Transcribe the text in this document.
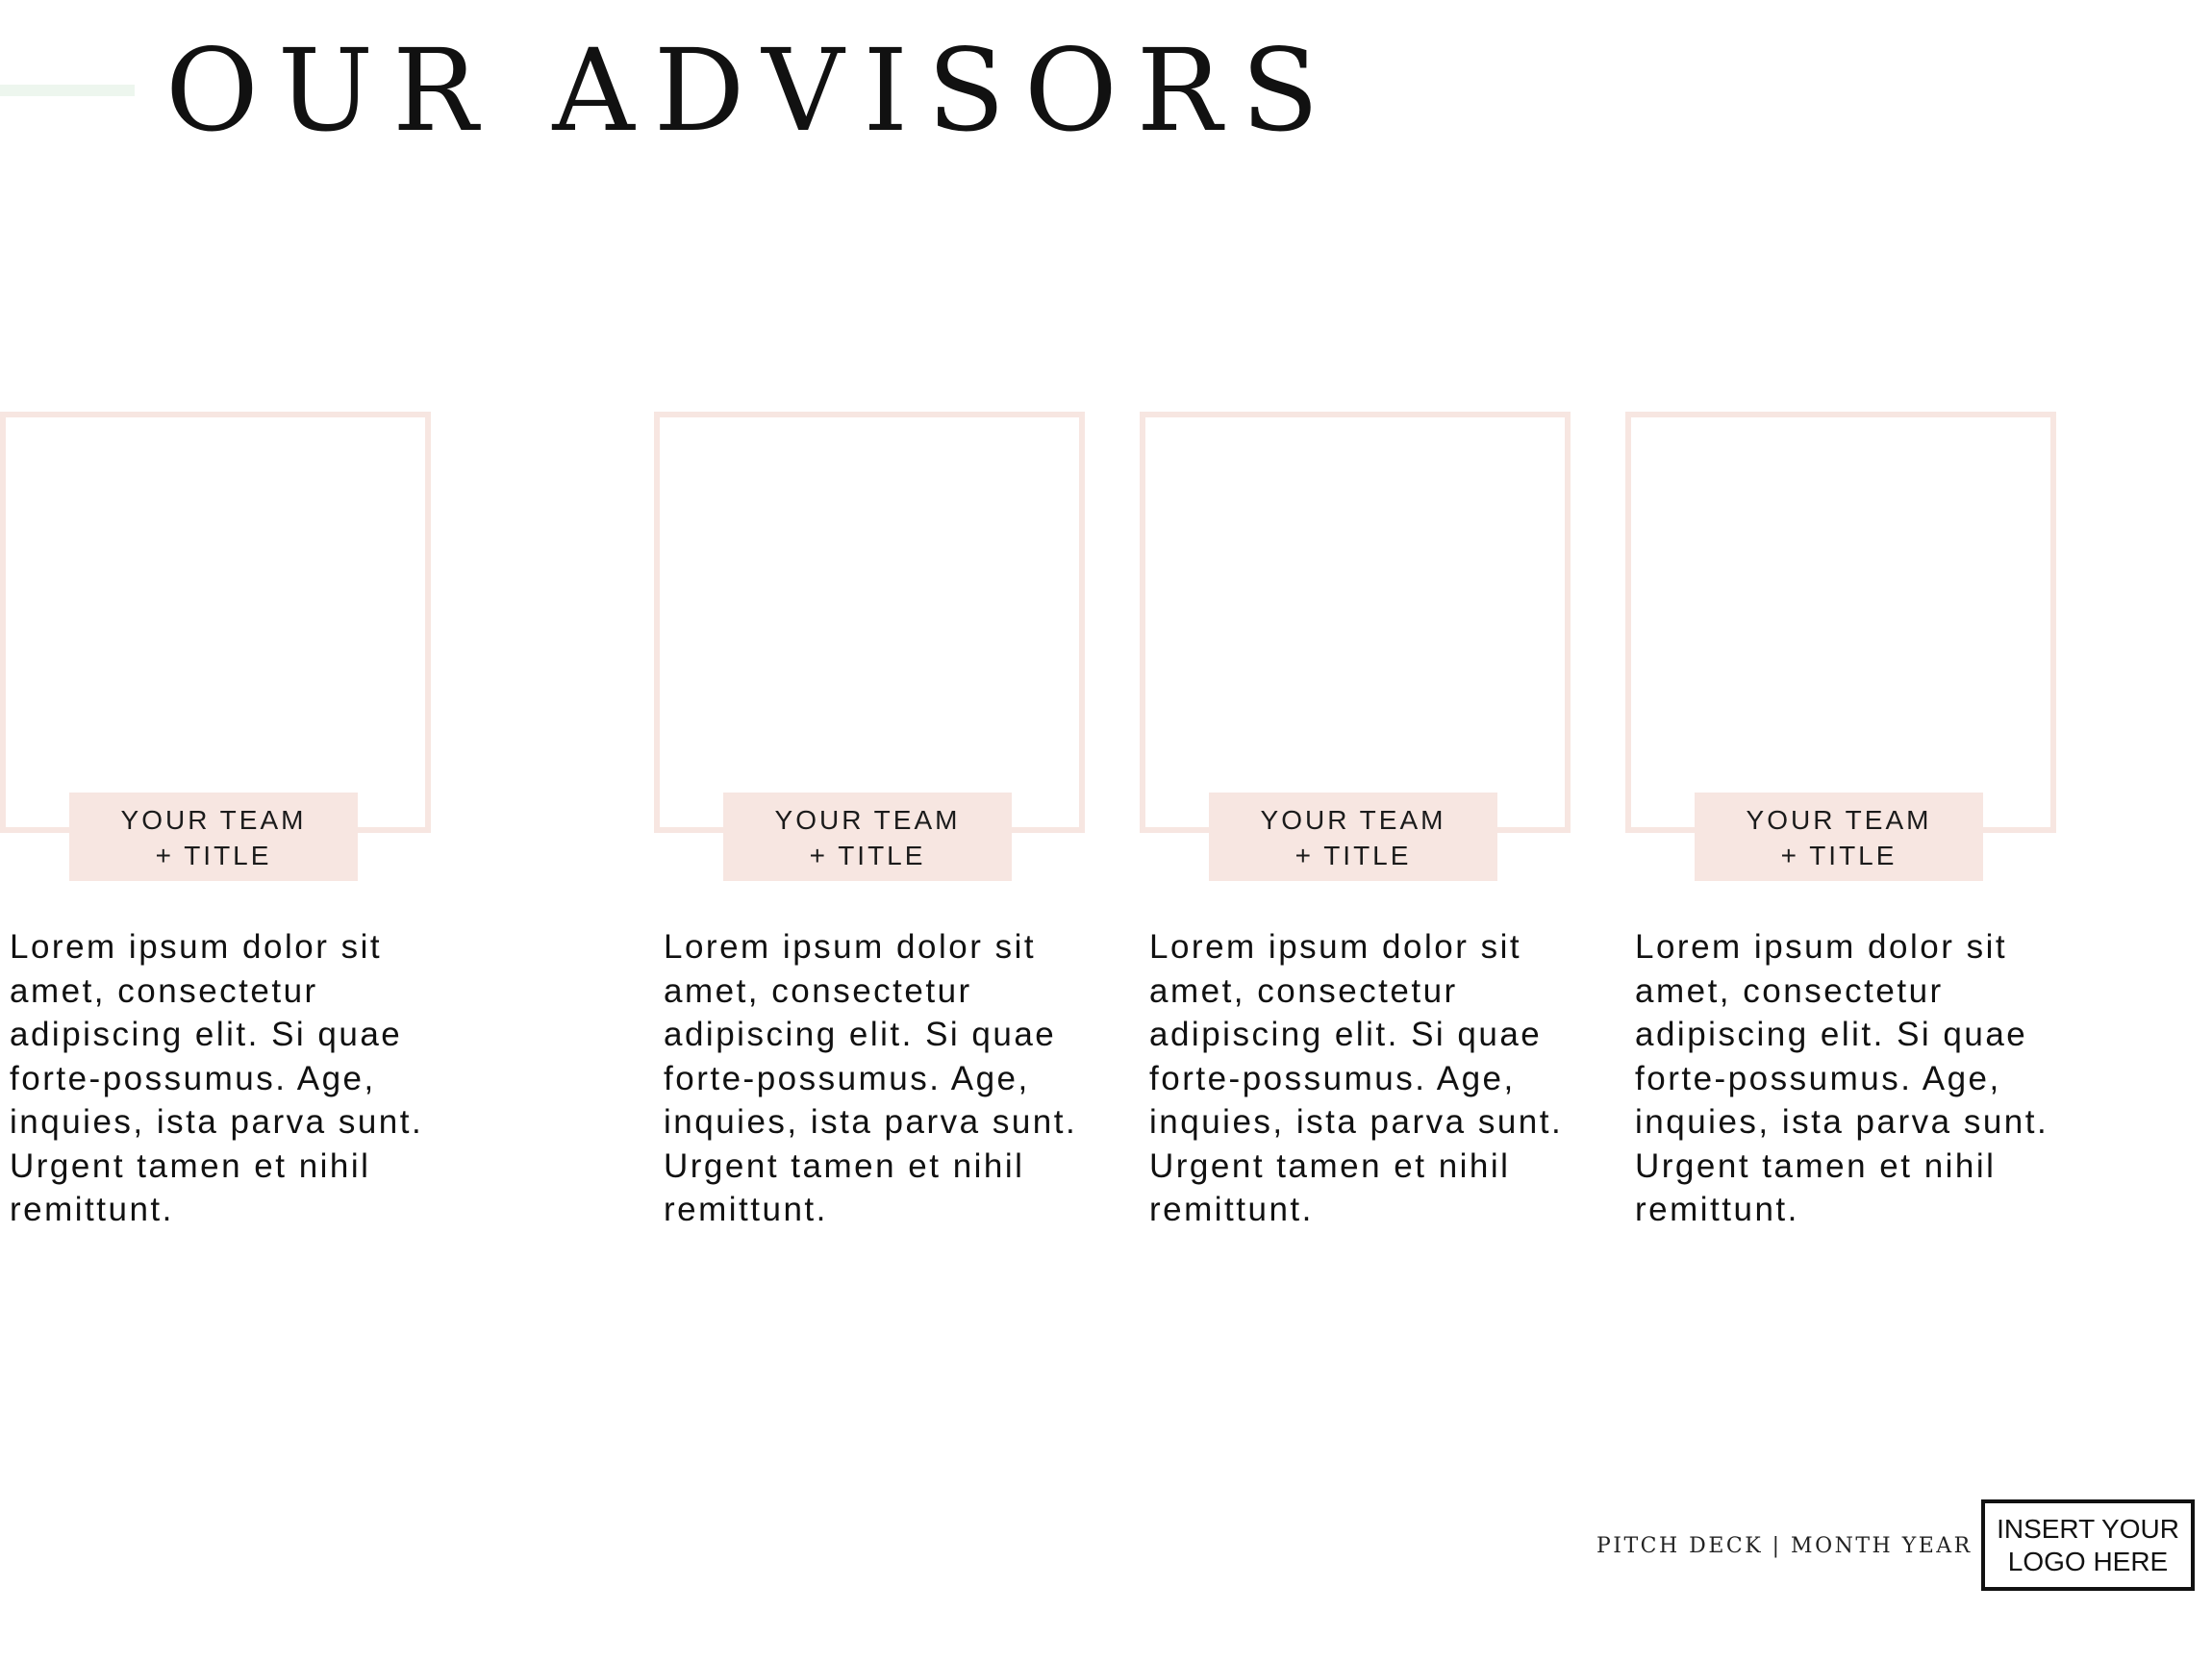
OUR ADVISORS
YOUR TEAM
+ TITLE

Lorem ipsum dolor sit amet, consectetur adipiscing elit. Si quae forte-possumus. Age, inquies, ista parva sunt. Urgent tamen et nihil remittunt.

YOUR TEAM
+ TITLE

Lorem ipsum dolor sit amet, consectetur adipiscing elit. Si quae forte-possumus. Age, inquies, ista parva sunt. Urgent tamen et nihil remittunt.

YOUR TEAM
+ TITLE

Lorem ipsum dolor sit amet, consectetur adipiscing elit. Si quae forte-possumus. Age, inquies, ista parva sunt. Urgent tamen et nihil remittunt.

YOUR TEAM
+ TITLE

Lorem ipsum dolor sit amet, consectetur adipiscing elit. Si quae forte-possumus. Age, inquies, ista parva sunt. Urgent tamen et nihil remittunt.

PITCH DECK | MONTH YEAR
INSERT YOUR
LOGO HERE
